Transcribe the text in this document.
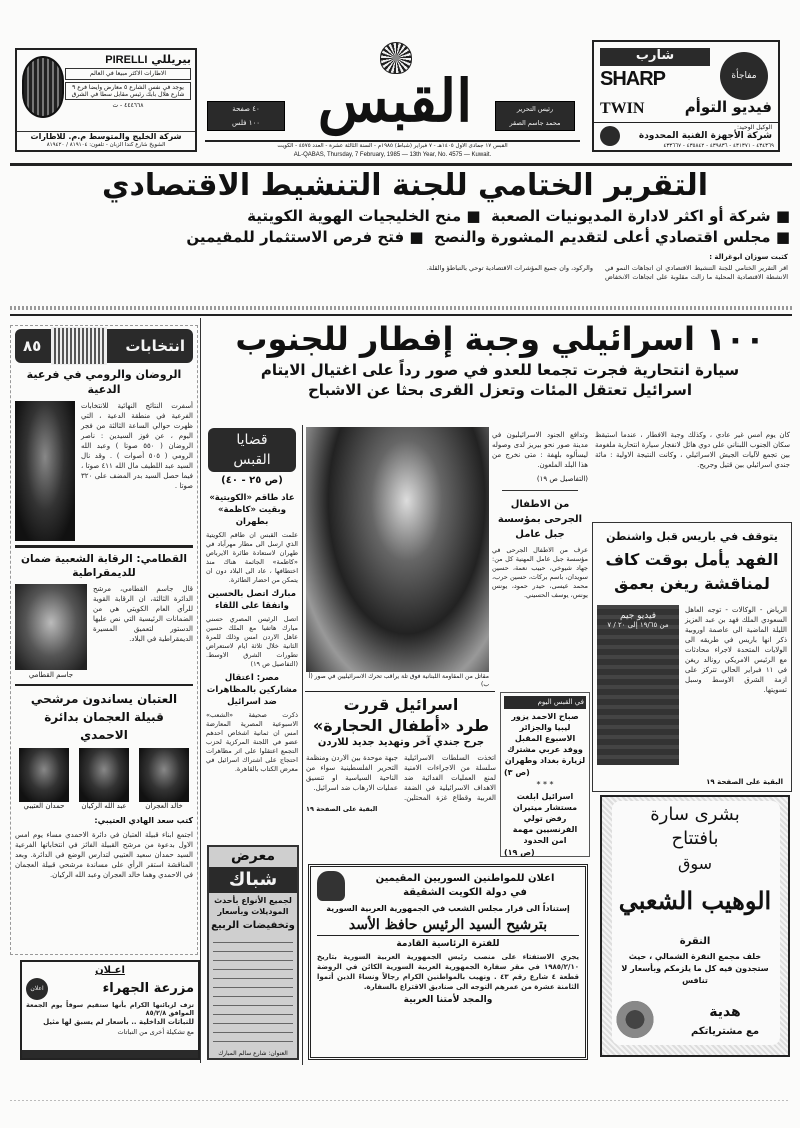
بيريللي PIRELLI
الاطارات الاكثر مبيعا في العالم
يوجد في نفس الشارع ٥ معارض وايضا فرع ٩ شارع هلال بابك رئيس مقابل سطا في الشرق
٤٤٤٦٦٨ - ت
شركة الخليج والمتوسط م.م. للاطارات
الشويخ شارع كندا الزبان - تلفون: ٨١٩١٠٤ / ٨١٩٤٢٠
٤٠ صفحة
١٠٠ فلس القبس	رئيس التحرير
محمد جاسم الصقر
شارب
SHARP	مفاجأة
TWIN	فيديو التوأم
الوكيل الوحيد:
شركة الأجهزة الفنية المحدودة
٤٣٤٣٦٩ - ٤٣١٣٧١ - ٤٣٩٨٣٦ - ٤٣٥٨٤٢ - ٤٣٣٦٦٧
القبس ١٧ جمادى الاول ١٤٠٥هـ - ٧ فبراير (شباط) ١٩٨٥م - السنة الثالثة عشرة - العدد ٤٥٧٥ - الكويت
AL-QABAS, Thursday, 7 February, 1985 — 13th Year, No. 4575 — Kuwait.
التقرير الختامي للجنة التنشيط الاقتصادي
■ شركة أو اكثر لادارة المديونيات الصعبة  ■ منح الخليجيات الهوية الكويتية
■ مجلس اقتصادي أعلى لتقديم المشورة والنصح  ■ فتح فرص الاستثمار للمقيمين
كتبت سوزان ابوغزالة :
اقر التقرير الختامي للجنة التنشيط الاقتصادي ان اتجاهات النمو في الانشطة الاقتصادية المحلية ما زالت مقلوبة على اتجاهات الانخفاض والركود، وان جميع المؤشرات الاقتصادية توحي بالتباطؤ والقلة.
انتخابات
٨٥
الروضان والرومي في فرعية الدعية
أسفرت النتائج النهائية للانتخابات الفرعية في منطقة الدعية ، التي ظهرت حوالي الساعة الثالثة من فجر اليوم ، عن فوز السيدين : ناصر الروضان ( ٥٥٠ صوتا ) وعبد الله الرومي ( ٥٠٥ أصوات ) . وقد نال السيد عبد اللطيف مال الله ٤١١ صوتا ، فيما حصل السيد بدر المضف على ٣٢٠ صوتا .
القطامي: الرقابة الشعبية ضمان للديمقراطية
جاسم القطامي
قال جاسم القطامي، مرشح الدائرة الثالثة، ان الرقابة القوية للرأي العام الكويتي هي من الضمانات الرئيسية التي نص عليها الدستور لتعميق المسيرة الديمقراطية في البلاد.
العتبان يساندون مرشحي قبيلة العجمان بدائرة الاحمدي
خالد العجران
عبد الله الركيان
حمدان العتيبي
كتب سعد الهادي العتيبي:
اجتمع ابناء قبيلة العتبان في دائرة الاحمدي مساء يوم امس الاول بدعوة من مرشح القبيلة الفائز في انتخاباتها الفرعية السيد حمدان سعيد العتيبي لتدارس الوضع في الدائرة. وبعد المناقشة استقر الرأي على مساندة مرشحي قبيلة العجمان في الاحمدي وهما خالد العجران وعبد الله الركيان.
١٠٠ اسرائيلي وجبة إفطار للجنوب
سيارة انتحارية فجرت تجمعا للعدو في صور رداً على اغتيال الايتام
اسرائيل تعتقل المئات وتعزل القرى بحثا عن الاشباح
كان يوم امس غير عادي ، وكذلك وجبة الافطار ، عندما استيقظ سكان الجنوب اللبناني على دوي هائل لانفجار سيارة انتحارية ملغومة بين تجمع لآليات الجيش الاسرائيلي ، وكانت النتيجة الاولية : مائة جندي اسرائيلي بين قتيل وجريح.
وتدافع الجنود الاسرائيليون في مدينة صور نحو بيريز لدى وصوله ليسألوه بلهفة : متى نخرج من هذا البلد الملعون.
(التفاصيل ص ١٩)
من الاطفال الجرحى بمؤسسة جبل عامل
عرف من الاطفال الجرحى في مؤسسة جبل عامل المهنية كل من: جهاد شيوخي، حبيب نعمة، حسين سويدان، باسم بركات، حسين حرب، محمد عيسى، حيدر حمود، يونس يونس، يوسف الحسيني.
قضايا
القبس
(ص ٢٥ - ٤٠)
عاد طاقم «الكويتية» وبقيت «كاظمة» بطهران
علمت القبس ان طاقم الكويتية الذي ارسل الى مطار مهرآباد في طهران لاستعادة طائرة الايرباص «كاظمة» الجاثمة هناك منذ اختطافها ، عاد الى البلاد دون ان يتمكن من احضار الطائرة.
مبارك اتصل بالحسين واتفقا على اللقاء
اتصل الرئيس المصري حسني مبارك هاتفيا مع الملك حسين عاهل الاردن امس وذلك للمرة الثانية خلال ثلاثة ايام لاستعراض تطورات الشرق الاوسط. (التفاصيل ص ١٩)
مصر: اعتقال مشاركين بالمظاهرات ضد اسرائيل
ذكرت صحيفة «الشعب» الاسبوعية المصرية المعارضة امس ان ثمانية اشخاص احدهم عضو في اللجنة المركزية لحزب التجمع اعتقلوا على اثر مظاهرات احتجاج على اشتراك اسرائيل في معرض الكتاب بالقاهرة.
مقاتل من المقاومة اللبنانية فوق تلة يراقب تحرك الاسرائيليين في صور (أ ب)
يتوقف في باريس قبل واشنطن
الفهد يأمل بوقت كاف
لمناقشة ريغن بعمق
فيديو جيم
من ١٩/٦٥ إلى ٢٠ / ٧
الرياض - الوكالات - توجه العاهل السعودي الملك فهد بن عبد العزيز الليلة الماضية الى عاصمة اوروبية ذكر انها باريس في طريقه الى الولايات المتحدة لاجراء محادثات مع الرئيس الامريكي رونالد ريغن في ١١ فبراير الحالي تتركز على ازمة الشرق الاوسط وسبل تسويتها.
البقية على الصفحة ١٩
اسرائيل قررت
طرد «أطفال الحجارة»
جرح جندي آخر وتهديد جديد للاردن
اتخذت السلطات الاسرائيلية سلسلة من الاجراءات الامنية لمنع العمليات الفدائية ضد الاهداف الاسرائيلية في الضفة الغربية وقطاع غزة المحتلين. جبهة موحدة بين الاردن ومنظمة التحرير الفلسطينية سواء من الناحية السياسية او تنسيق عمليات الارهاب ضد اسرائيل.
البقية على الصفحة ١٩
في القبس اليوم
صباح الاحمد يزور ليبيا والجزائر الاسبوع المقبل ووفد عربي مشترك لزيارة بغداد وطهران
(ص ٣)
* * *
اسرائيل ابلغت مستشار ميتيران رفض تولي الفرنسيين مهمة امن الحدود
(ص ١٩)
معرض
شباك
لجميع الأنواع بأحدث الموديلات وبأسعار
وتخفيضات الربيع
العنوان: شارع سالم المبارك
اعلان للمواطنين السوريين المقيمين
في دولة الكويت الشقيقة
إستناداً الى قرار مجلس الشعب في الجمهورية العربية السورية
بترشيح السيد الرئيس حافظ الأسد
للفترة الرئاسية القادمة
يجري الاستفتاء على منصب رئيس الجمهورية العربية السورية بتاريخ ١٩٨٥/٢/١٠ في مقر سفارة الجمهورية العربية السورية الكائن في الروضة قطعة ٤ شارع رقم ٤٣ . ونهيب بالمواطنين الكرام رجالاً ونساءً الذين أتموا الثامنة عشرة من عمرهم التوجه الى صناديق الاقتراع بالسفارة.
والمجد لأمتنا العربية
بشرى سارة
بافتتاح
سوق
الوهيب الشعبي
النقرة
خلف مجمع النقرة الشمالي ، حيث ستجدون فيه كل ما يلزمكم وبأسعار لا تنافس
هدية
مع مشترياتكم
اعـلان
اعلان	مزرعة الجهراء
تزف لزبائنها الكرام بأنها ستقيم سوقاً يوم الجمعة الموافق ٨٥/٢/٨
للنباتات الداخلية .. بأسعار لم يسبق لها مثيل
مع تشكيلة أخرى من النباتات
